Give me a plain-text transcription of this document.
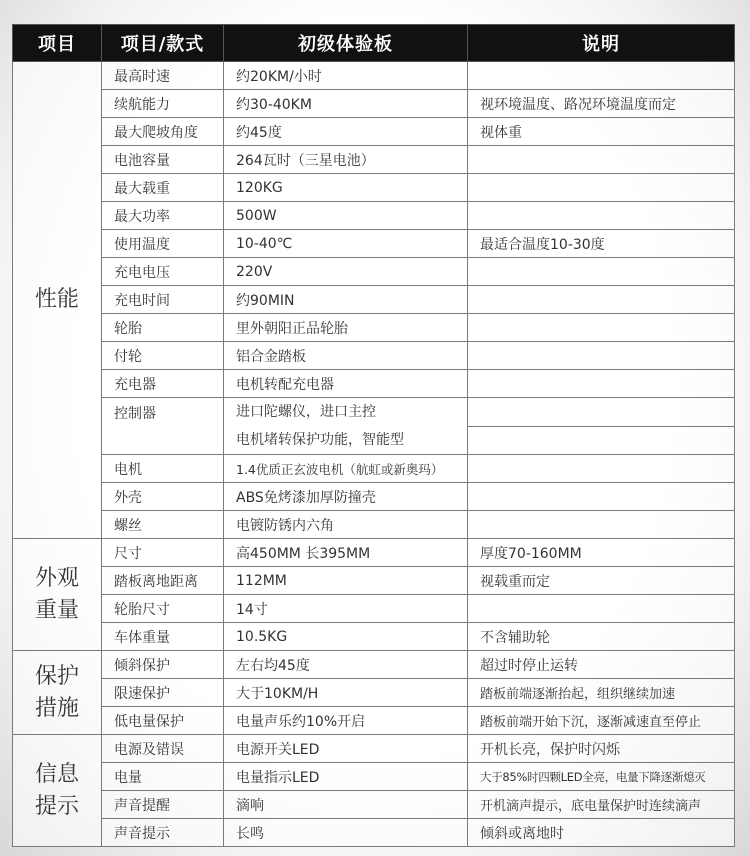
项目	项目/款式	初级体验板	说明

性能	最高时速	约20KM/小时	
	续航能力	约30-40KM	视环境温度、路况环境温度而定
	最大爬坡角度	约45度	视体重
	电池容量	264瓦时（三星电池）	
	最大载重	120KG	
	最大功率	500W	
	使用温度	10-40℃	最适合温度10-30度
	充电电压	220V	
	充电时间	约90MIN	
	轮胎	里外朝阳正品轮胎	
	付轮	铝合金踏板	
	充电器	电机转配充电器	
	控制器	进口陀螺仪，进口主控
电机堵转保护功能，智能型	

	电机	1.4优质正玄波电机（航虹或新奥玛）	
	外壳	ABS免烤漆加厚防撞壳	
	螺丝	电镀防锈内六角	

外观
重量	尺寸	高450MM 长395MM	厚度70-160MM
	踏板离地距离	112MM	视载重而定
	轮胎尺寸	14寸	
	车体重量	10.5KG	不含辅助轮

保护
措施	倾斜保护	左右均45度	超过时停止运转
	限速保护	大于10KM/H	踏板前端逐渐抬起，组织继续加速
	低电量保护	电量声乐约10%开启	踏板前端开始下沉，逐渐减速直至停止

信息
提示	电源及错误	电源开关LED	开机长亮，保护时闪烁
	电量	电量指示LED	大于85%时四颗LED全亮，电量下降逐渐熄灭
	声音提醒	滴响	开机滴声提示，底电量保护时连续滴声
	声音提示	长鸣	倾斜或离地时
